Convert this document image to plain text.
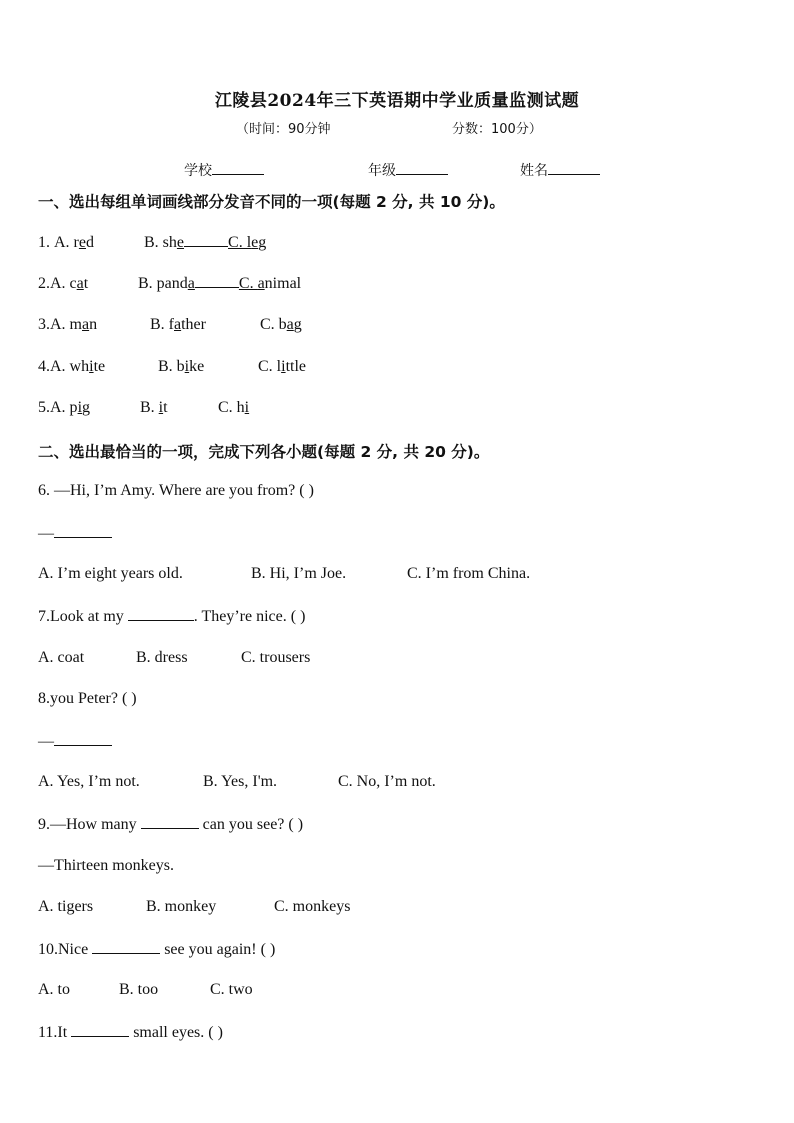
江陵县2024年三下英语期中学业质量监测试题
（时间：90分钟	分数：100分）
学校	年级	姓名
一、选出每组单词画线部分发音不同的一项(每题 2 分, 共 10 分)。
1. A. red	B. she	C. leg
2.A. cat	B. panda	C. animal
3.A. man	B. father	C. bag
4.A. white	B. bike	C. little
5.A. pig	B. it	C. hi
二、选出最恰当的一项，完成下列各小题(每题 2 分, 共 20 分)。
6. —Hi, I’m Amy. Where are you from? ( )
—
A. I’m eight years old.	B. Hi, I’m Joe.	C. I’m from China.
7.Look at my	. They’re nice. ( )
A. coat	B. dress	C. trousers
8.you Peter? ( )
—
A. Yes, I’m not.	B. Yes, I'm.	C. No, I’m not.
9.—How many	can you see? ( )
—Thirteen monkeys.
A. tigers	B. monkey	C. monkeys
10.Nice	see you again! ( )
A. to	B. too	C. two
11.It	small eyes. ( )
